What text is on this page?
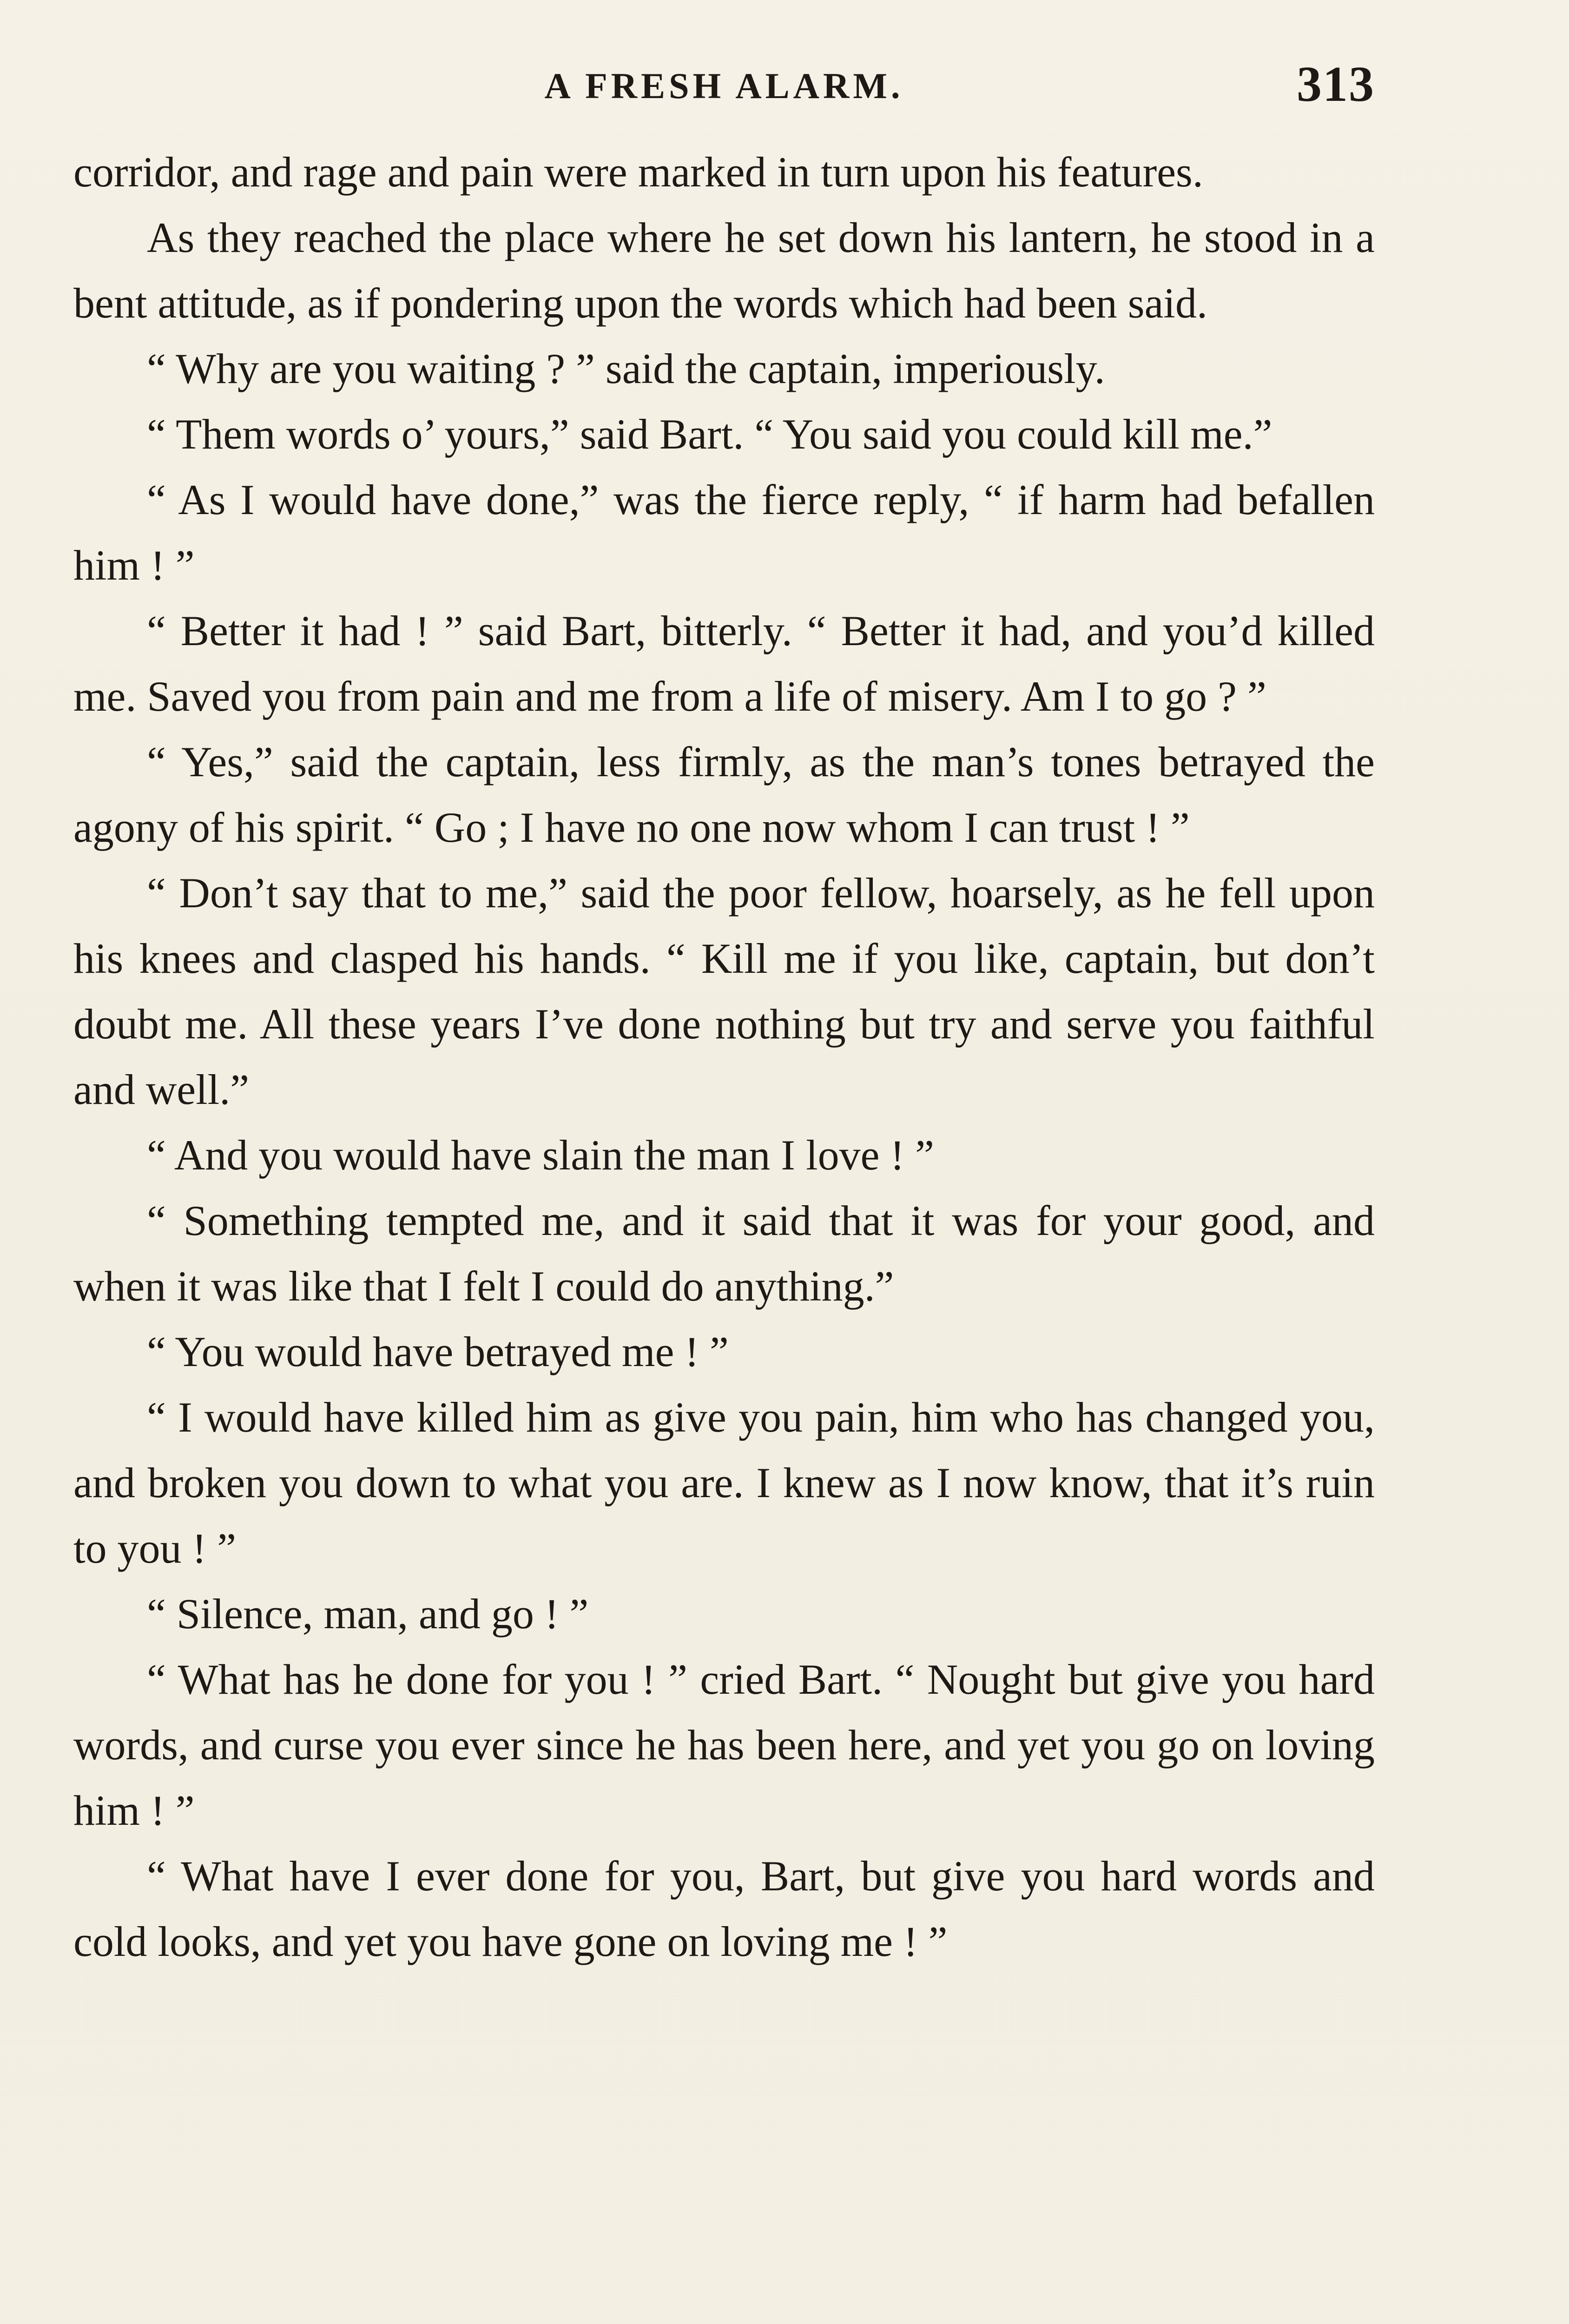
A FRESH ALARM.	313

corridor, and rage and pain were marked in turn upon his features.

As they reached the place where he set down his lantern, he stood in a bent attitude, as if pondering upon the words which had been said.

“ Why are you waiting ? ” said the captain, imperiously.

“ Them words o’ yours,” said Bart. “ You said you could kill me.”

“ As I would have done,” was the fierce reply, “ if harm had befallen him ! ”

“ Better it had ! ” said Bart, bitterly. “ Better it had, and you’d killed me. Saved you from pain and me from a life of misery. Am I to go ? ”

“ Yes,” said the captain, less firmly, as the man’s tones betrayed the agony of his spirit. “ Go ; I have no one now whom I can trust ! ”

“ Don’t say that to me,” said the poor fellow, hoarsely, as he fell upon his knees and clasped his hands. “ Kill me if you like, captain, but don’t doubt me. All these years I’ve done nothing but try and serve you faithful and well.”

“ And you would have slain the man I love ! ”

“ Something tempted me, and it said that it was for your good, and when it was like that I felt I could do anything.”

“ You would have betrayed me ! ”

“ I would have killed him as give you pain, him who has changed you, and broken you down to what you are. I knew as I now know, that it’s ruin to you ! ”

“ Silence, man, and go ! ”

“ What has he done for you ! ” cried Bart. “ Nought but give you hard words, and curse you ever since he has been here, and yet you go on loving him ! ”

“ What have I ever done for you, Bart, but give you hard words and cold looks, and yet you have gone on loving me ! ”
